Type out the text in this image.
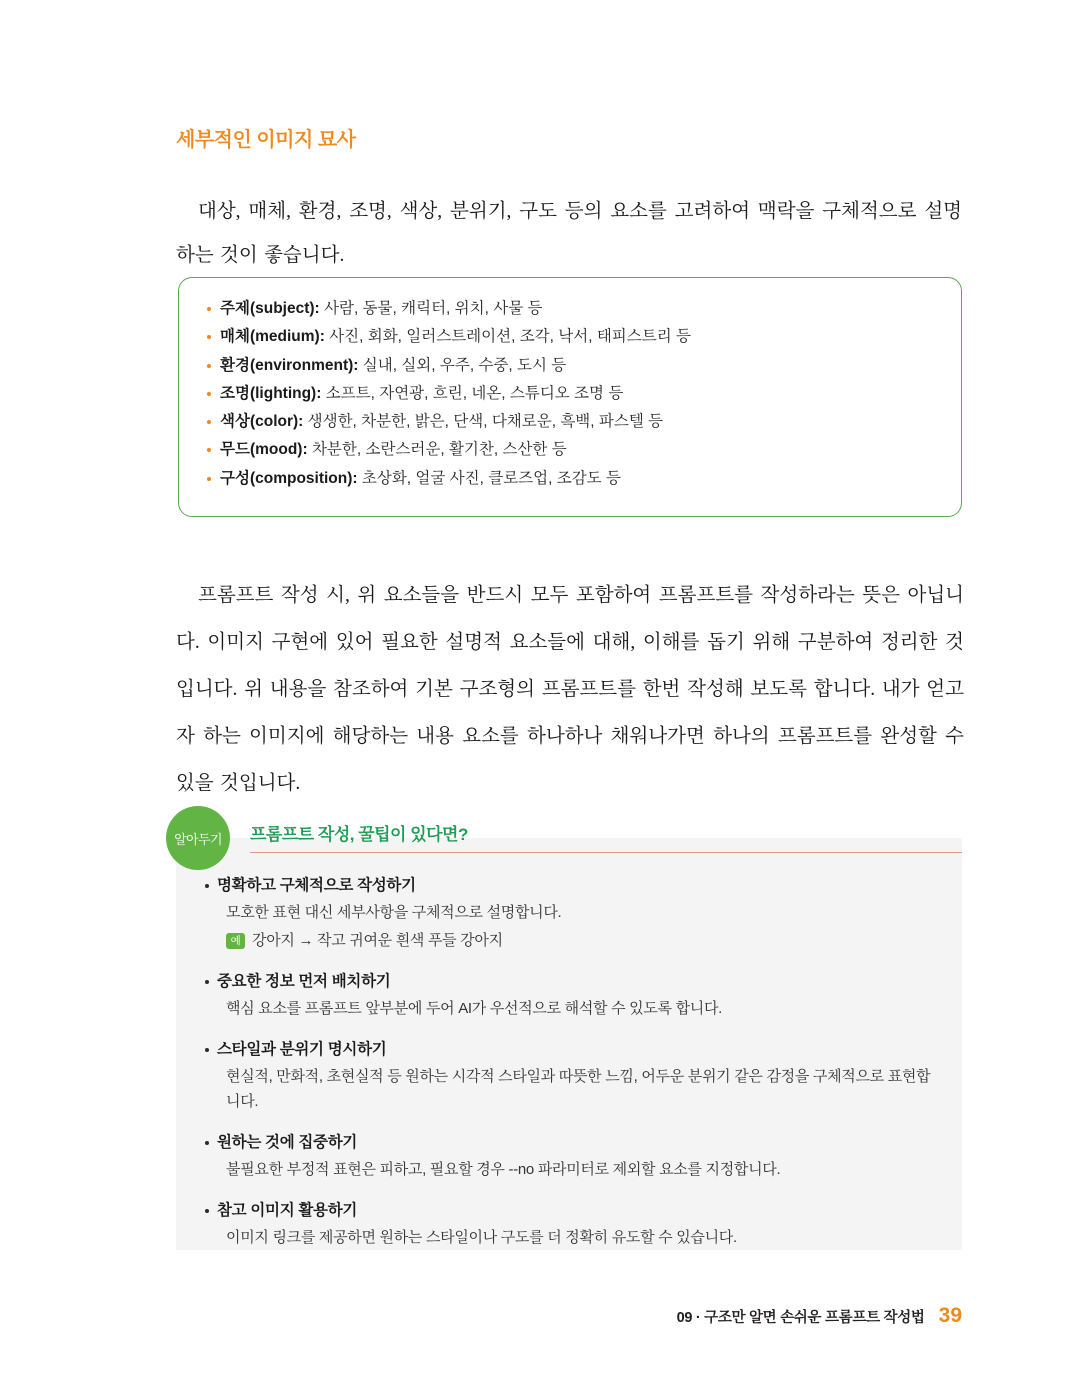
세부적인 이미지 묘사

대상, 매체, 환경, 조명, 색상, 분위기, 구도 등의 요소를 고려하여 맥락을 구체적으로 설명하는 것이 좋습니다.

주제(subject): 사람, 동물, 캐릭터, 위치, 사물 등
매체(medium): 사진, 회화, 일러스트레이션, 조각, 낙서, 태피스트리 등
환경(environment): 실내, 실외, 우주, 수중, 도시 등
조명(lighting): 소프트, 자연광, 흐린, 네온, 스튜디오 조명 등
색상(color): 생생한, 차분한, 밝은, 단색, 다채로운, 흑백, 파스텔 등
무드(mood): 차분한, 소란스러운, 활기찬, 스산한 등
구성(composition): 초상화, 얼굴 사진, 클로즈업, 조감도 등

프롬프트 작성 시, 위 요소들을 반드시 모두 포함하여 프롬프트를 작성하라는 뜻은 아닙니다. 이미지 구현에 있어 필요한 설명적 요소들에 대해, 이해를 돕기 위해 구분하여 정리한 것입니다. 위 내용을 참조하여 기본 구조형의 프롬프트를 한번 작성해 보도록 합니다. 내가 얻고자 하는 이미지에 해당하는 내용 요소를 하나하나 채워나가면 하나의 프롬프트를 완성할 수 있을 것입니다.

알아두기	프롬프트 작성, 꿀팁이 있다면?
명확하고 구체적으로 작성하기
모호한 표현 대신 세부사항을 구체적으로 설명합니다.
예 강아지 → 작고 귀여운 흰색 푸들 강아지
중요한 정보 먼저 배치하기
핵심 요소를 프롬프트 앞부분에 두어 AI가 우선적으로 해석할 수 있도록 합니다.
스타일과 분위기 명시하기
현실적, 만화적, 초현실적 등 원하는 시각적 스타일과 따뜻한 느낌, 어두운 분위기 같은 감정을 구체적으로 표현합니다.
원하는 것에 집중하기
불필요한 부정적 표현은 피하고, 필요할 경우 --no 파라미터로 제외할 요소를 지정합니다.
참고 이미지 활용하기
이미지 링크를 제공하면 원하는 스타일이나 구도를 더 정확히 유도할 수 있습니다.
09 · 구조만 알면 손쉬운 프롬프트 작성법 39
